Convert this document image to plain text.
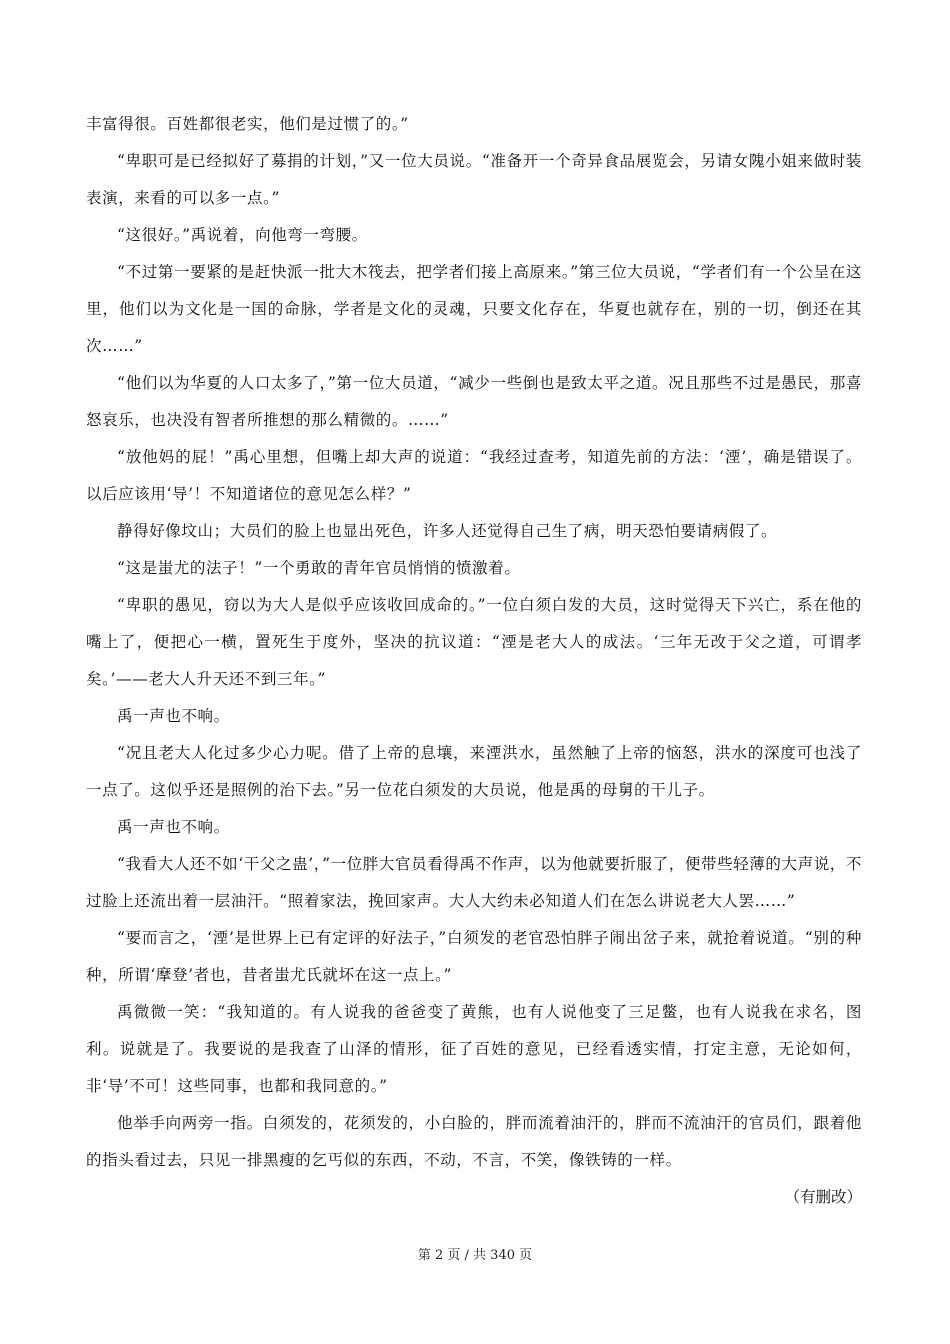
丰富得很。百姓都很老实，他们是过惯了的。”

“卑职可是已经拟好了募捐的计划，”又一位大员说。“准备开一个奇异食品展览会，另请女隗小姐来做时装表演，来看的可以多一点。”

“这很好。”禹说着，向他弯一弯腰。

“不过第一要紧的是赶快派一批大木筏去，把学者们接上高原来。”第三位大员说，“学者们有一个公呈在这里，他们以为文化是一国的命脉，学者是文化的灵魂，只要文化存在，华夏也就存在，别的一切，倒还在其次……”

“他们以为华夏的人口太多了，”第一位大员道，“减少一些倒也是致太平之道。况且那些不过是愚民，那喜怒哀乐，也决没有智者所推想的那么精微的。……”

“放他妈的屁！”禹心里想，但嘴上却大声的说道：“我经过查考，知道先前的方法：‘湮’，确是错误了。以后应该用‘导’！不知道诸位的意见怎么样？”

静得好像坟山；大员们的脸上也显出死色，许多人还觉得自己生了病，明天恐怕要请病假了。

“这是蚩尤的法子！”一个勇敢的青年官员悄悄的愤激着。

“卑职的愚见，窃以为大人是似乎应该收回成命的。”一位白须白发的大员，这时觉得天下兴亡，系在他的嘴上了，便把心一横，置死生于度外，坚决的抗议道：“湮是老大人的成法。‘三年无改于父之道，可谓孝矣。’——老大人升天还不到三年。”

禹一声也不响。

“况且老大人化过多少心力呢。借了上帝的息壤，来湮洪水，虽然触了上帝的恼怒，洪水的深度可也浅了一点了。这似乎还是照例的治下去。”另一位花白须发的大员说，他是禹的母舅的干儿子。

禹一声也不响。

“我看大人还不如‘干父之蛊’，”一位胖大官员看得禹不作声，以为他就要折服了，便带些轻薄的大声说，不过脸上还流出着一层油汗。“照着家法，挽回家声。大人大约未必知道人们在怎么讲说老大人罢……”

“要而言之，‘湮’是世界上已有定评的好法子，”白须发的老官恐怕胖子闹出岔子来，就抢着说道。“别的种种，所谓‘摩登’者也，昔者蚩尤氏就坏在这一点上。”

禹微微一笑：“我知道的。有人说我的爸爸变了黄熊，也有人说他变了三足鳖，也有人说我在求名，图利。说就是了。我要说的是我查了山泽的情形，征了百姓的意见，已经看透实情，打定主意，无论如何，非‘导’不可！这些同事，也都和我同意的。”

他举手向两旁一指。白须发的，花须发的，小白脸的，胖而流着油汗的，胖而不流油汗的官员们，跟着他的指头看过去，只见一排黑瘦的乞丐似的东西，不动，不言，不笑，像铁铸的一样。

（有删改）

第 2 页 / 共 340 页
